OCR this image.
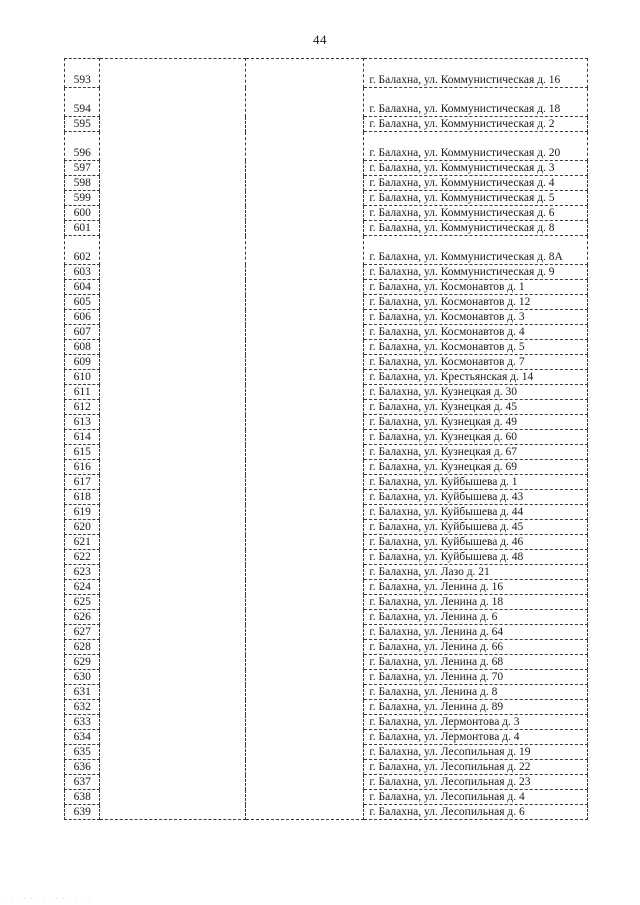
44
593			г. Балахна, ул. Коммунистическая д. 16
594			г. Балахна, ул. Коммунистическая д. 18
595			г. Балахна, ул. Коммунистическая д. 2
596			г. Балахна, ул. Коммунистическая д. 20
597			г. Балахна, ул. Коммунистическая д. 3
598			г. Балахна, ул. Коммунистическая д. 4
599			г. Балахна, ул. Коммунистическая д. 5
600			г. Балахна, ул. Коммунистическая д. 6
601			г. Балахна, ул. Коммунистическая д. 8
602			г. Балахна, ул. Коммунистическая д. 8А
603			г. Балахна, ул. Коммунистическая д. 9
604			г. Балахна, ул. Космонавтов д. 1
605			г. Балахна, ул. Космонавтов д. 12
606			г. Балахна, ул. Космонавтов д. 3
607			г. Балахна, ул. Космонавтов д. 4
608			г. Балахна, ул. Космонавтов д. 5
609			г. Балахна, ул. Космонавтов д. 7
610			г. Балахна, ул. Крестьянская д. 14
611			г. Балахна, ул. Кузнецкая д. 30
612			г. Балахна, ул. Кузнецкая д. 45
613			г. Балахна, ул. Кузнецкая д. 49
614			г. Балахна, ул. Кузнецкая д. 60
615			г. Балахна, ул. Кузнецкая д. 67
616			г. Балахна, ул. Кузнецкая д. 69
617			г. Балахна, ул. Куйбышева д. 1
618			г. Балахна, ул. Куйбышева д. 43
619			г. Балахна, ул. Куйбышева д. 44
620			г. Балахна, ул. Куйбышева д. 45
621			г. Балахна, ул. Куйбышева д. 46
622			г. Балахна, ул. Куйбышева д. 48
623			г. Балахна, ул. Лазо д. 21
624			г. Балахна, ул. Ленина д. 16
625			г. Балахна, ул. Ленина д. 18
626			г. Балахна, ул. Ленина д. 6
627			г. Балахна, ул. Ленина д. 64
628			г. Балахна, ул. Ленина д. 66
629			г. Балахна, ул. Ленина д. 68
630			г. Балахна, ул. Ленина д. 70
631			г. Балахна, ул. Ленина д. 8
632			г. Балахна, ул. Ленина д. 89
633			г. Балахна, ул. Лермонтова д. 3
634			г. Балахна, ул. Лермонтова д. 4
635			г. Балахна, ул. Лесопильная д. 19
636			г. Балахна, ул. Лесопильная д. 22
637			г. Балахна, ул. Лесопильная д. 23
638			г. Балахна, ул. Лесопильная д. 4
639			г. Балахна, ул. Лесопильная д. 6
· · · · · · · · · · · · · ·
